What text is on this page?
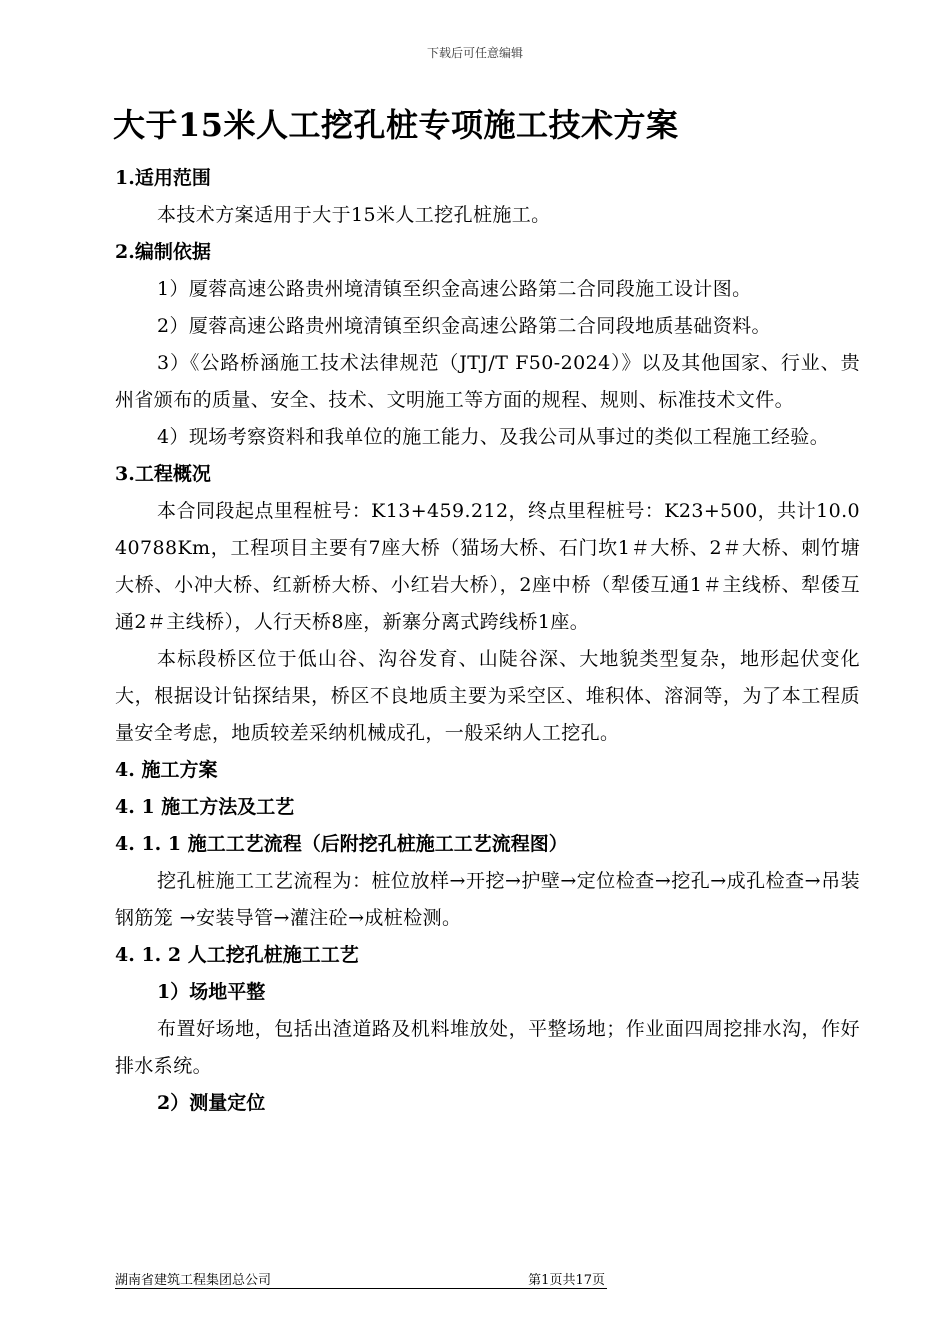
下载后可任意编辑
大于15米人工挖孔桩专项施工技术方案
1.适用范围
本技术方案适用于大于15米人工挖孔桩施工。
2.编制依据
1）厦蓉高速公路贵州境清镇至织金高速公路第二合同段施工设计图。
2）厦蓉高速公路贵州境清镇至织金高速公路第二合同段地质基础资料。
3）《公路桥涵施工技术法律规范（JTJ/T F50-2024）》以及其他国家、行业、贵州省颁布的质量、安全、技术、文明施工等方面的规程、规则、标准技术文件。
4）现场考察资料和我单位的施工能力、及我公司从事过的类似工程施工经验。
3.工程概况
本合同段起点里程桩号：K13+459.212，终点里程桩号：K23+500，共计10.040788Km，工程项目主要有7座大桥（猫场大桥、石门坎1＃大桥、2＃大桥、刺竹塘大桥、小冲大桥、红新桥大桥、小红岩大桥），2座中桥（犁倭互通1＃主线桥、犁倭互通2＃主线桥），人行天桥8座，新寨分离式跨线桥1座。
本标段桥区位于低山谷、沟谷发育、山陡谷深、大地貌类型复杂，地形起伏变化大，根据设计钻探结果，桥区不良地质主要为采空区、堆积体、溶洞等，为了本工程质量安全考虑，地质较差采纳机械成孔，一般采纳人工挖孔。
4. 施工方案
4. 1 施工方法及工艺
4. 1. 1 施工工艺流程（后附挖孔桩施工工艺流程图）
挖孔桩施工工艺流程为：桩位放样→开挖→护壁→定位检查→挖孔→成孔检查→吊装钢筋笼 →安装导管→灌注砼→成桩检测。
4. 1. 2 人工挖孔桩施工工艺
1）场地平整
布置好场地，包括出渣道路及机料堆放处，平整场地；作业面四周挖排水沟，作好排水系统。
2）测量定位
湖南省建筑工程集团总公司	第1页共17页
